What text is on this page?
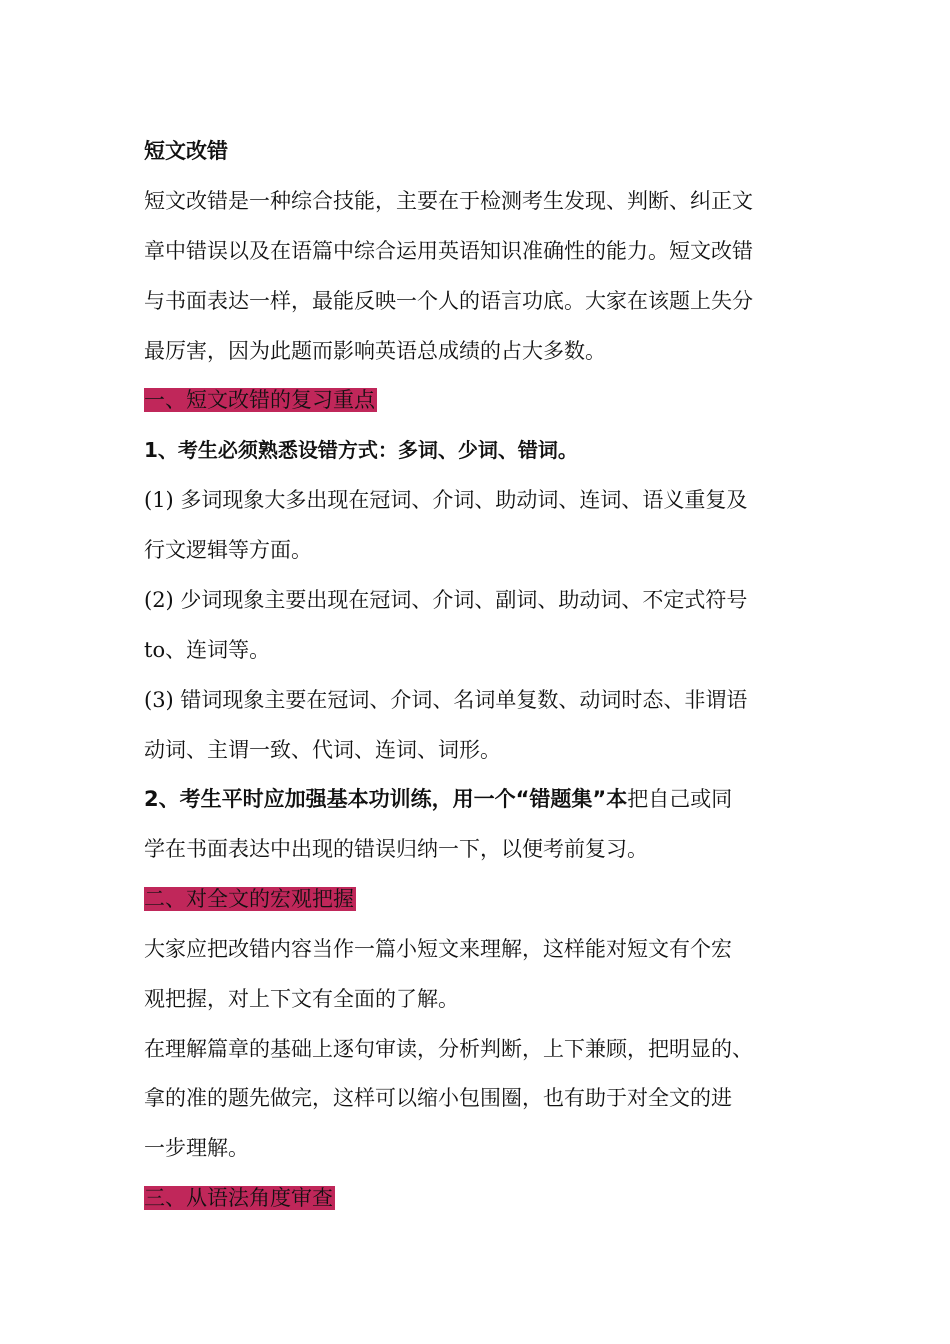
短文改错
短文改错是一种综合技能，主要在于检测考生发现、判断、纠正文
章中错误以及在语篇中综合运用英语知识准确性的能力。短文改错
与书面表达一样，最能反映一个人的语言功底。大家在该题上失分
最厉害，因为此题而影响英语总成绩的占大多数。
一、短文改错的复习重点
1、考生必须熟悉设错方式：多词、少词、错词。
(1) 多词现象大多出现在冠词、介词、助动词、连词、语义重复及
行文逻辑等方面。
(2) 少词现象主要出现在冠词、介词、副词、助动词、不定式符号
to、连词等。
(3) 错词现象主要在冠词、介词、名词单复数、动词时态、非谓语
动词、主谓一致、代词、连词、词形。
2、考生平时应加强基本功训练，用一个“错题集”本把自己或同
学在书面表达中出现的错误归纳一下，以便考前复习。
二、对全文的宏观把握
大家应把改错内容当作一篇小短文来理解，这样能对短文有个宏
观把握，对上下文有全面的了解。
在理解篇章的基础上逐句审读，分析判断，上下兼顾，把明显的、
拿的准的题先做完，这样可以缩小包围圈，也有助于对全文的进
一步理解。
三、从语法角度审查
